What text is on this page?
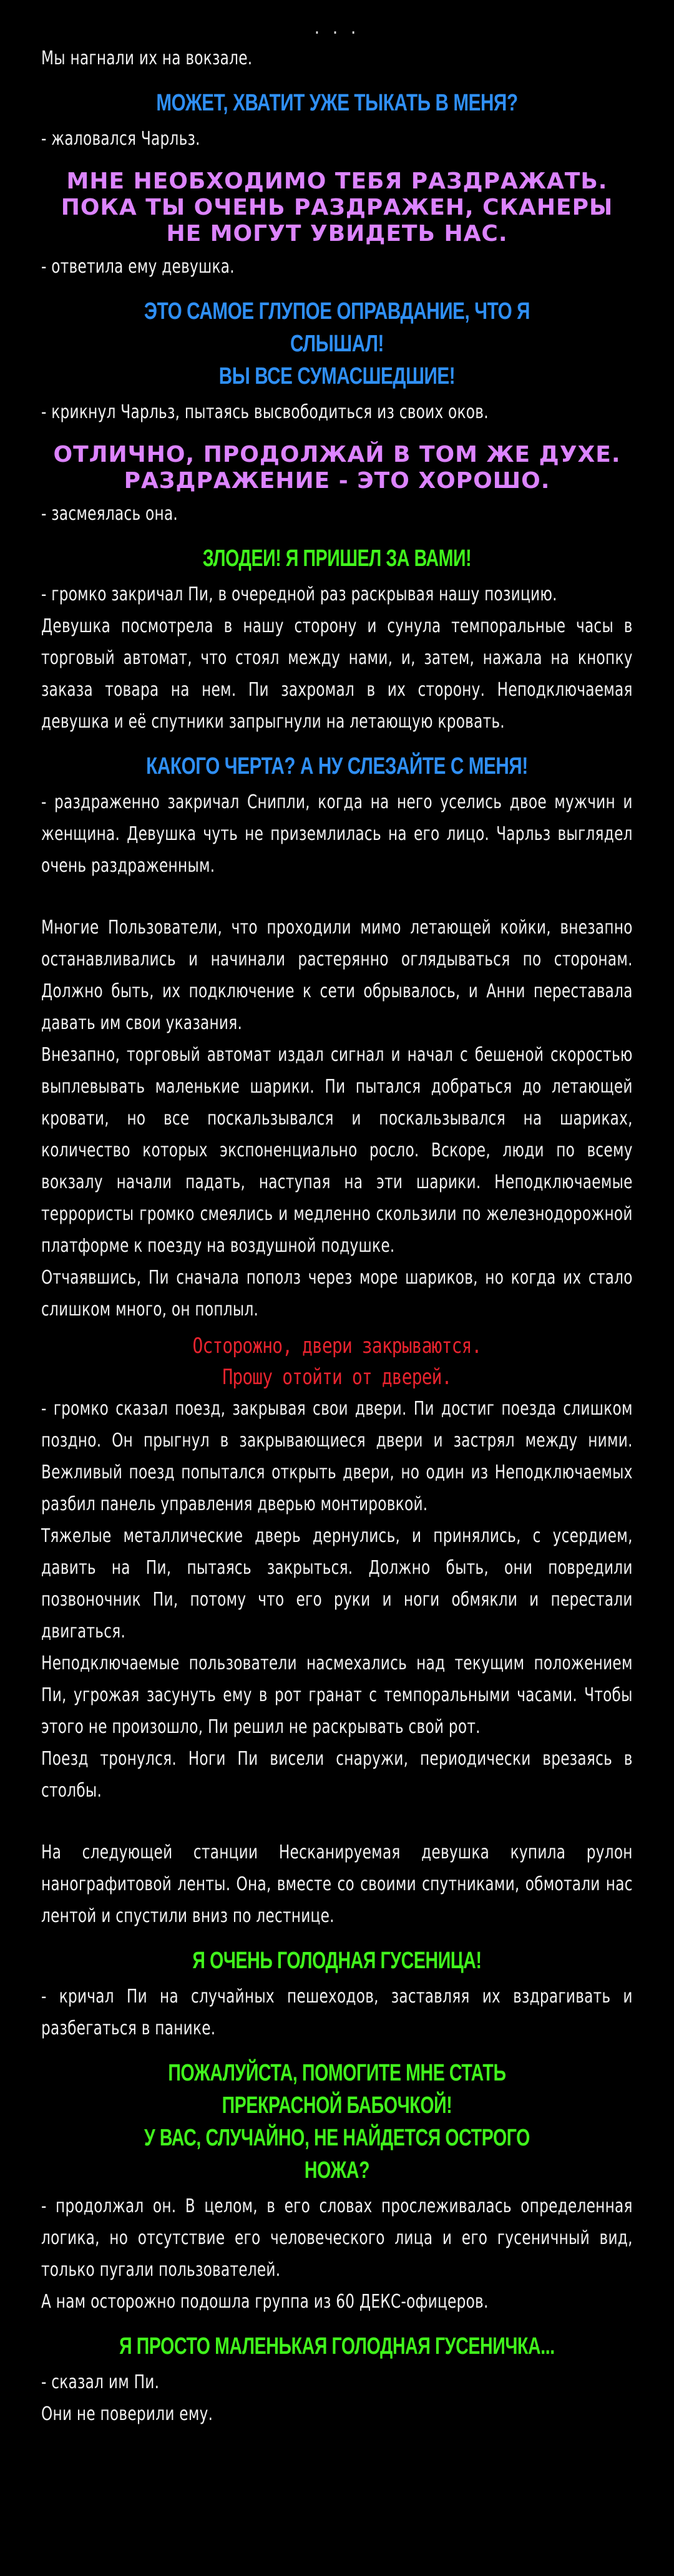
. . .

Мы нагнали их на вокзале.

МОЖЕТ, ХВАТИТ УЖЕ ТЫКАТЬ В МЕНЯ?

- жаловался Чарльз.

МНЕ НЕОБХОДИМО ТЕБЯ РАЗДРАЖАТЬ.
ПОКА ТЫ ОЧЕНЬ РАЗДРАЖЕН, СКАНЕРЫ
НЕ МОГУТ УВИДЕТЬ НАС.

- ответила ему девушка.

ЭТО САМОЕ ГЛУПОЕ ОПРАВДАНИЕ, ЧТО Я СЛЫШАЛ!
ВЫ ВСЕ СУМАСШЕДШИЕ!

- крикнул Чарльз, пытаясь высвободиться из своих оков.

ОТЛИЧНО, ПРОДОЛЖАЙ В ТОМ ЖЕ ДУХЕ.
РАЗДРАЖЕНИЕ - ЭТО ХОРОШО.

- засмеялась она.

ЗЛОДЕИ! Я ПРИШЕЛ ЗА ВАМИ!

- громко закричал Пи, в очередной раз раскрывая нашу позицию.

Девушка посмотрела в нашу сторону и сунула темпоральные часы в торговый автомат, что стоял между нами, и, затем, нажала на кнопку заказа товара на нем. Пи захромал в их сторону. Неподключаемая девушка и её спутники запрыгнули на летающую кровать.

КАКОГО ЧЕРТА? А НУ СЛЕЗАЙТЕ С МЕНЯ!

- раздраженно закричал Снипли, когда на него уселись двое мужчин и женщина. Девушка чуть не приземлилась на его лицо. Чарльз выглядел очень раздраженным.

Многие Пользователи, что проходили мимо летающей койки, внезапно останавливались и начинали растерянно оглядываться по сторонам. Должно быть, их подключение к сети обрывалось, и Анни переставала давать им свои указания.

Внезапно, торговый автомат издал сигнал и начал с бешеной скоростью выплевывать маленькие шарики. Пи пытался добраться до летающей кровати, но все поскальзывался и поскальзывался на шариках, количество которых экспоненциально росло. Вскоре, люди по всему вокзалу начали падать, наступая на эти шарики. Неподключаемые террористы громко смеялись и медленно скользили по железнодорожной платформе к поезду на воздушной подушке.

Отчаявшись, Пи сначала пополз через море шариков, но когда их стало слишком много, он поплыл.

Осторожно, двери закрываются.
Прошу отойти от дверей.

- громко сказал поезд, закрывая свои двери. Пи достиг поезда слишком поздно. Он прыгнул в закрывающиеся двери и застрял между ними. Вежливый поезд попытался открыть двери, но один из Неподключаемых разбил панель управления дверью монтировкой.

Тяжелые металлические дверь дернулись, и принялись, с усердием, давить на Пи, пытаясь закрыться. Должно быть, они повредили позвоночник Пи, потому что его руки и ноги обмякли и перестали двигаться.

Неподключаемые пользователи насмехались над текущим положением Пи, угрожая засунуть ему в рот гранат с темпоральными часами. Чтобы этого не произошло, Пи решил не раскрывать свой рот.

Поезд тронулся. Ноги Пи висели снаружи, периодически врезаясь в столбы.

На следующей станции Несканируемая девушка купила рулон нанографитовой ленты. Она, вместе со своими спутниками, обмотали нас лентой и спустили вниз по лестнице.

Я ОЧЕНЬ ГОЛОДНАЯ ГУСЕНИЦА!

- кричал Пи на случайных пешеходов, заставляя их вздрагивать и разбегаться в панике.

ПОЖАЛУЙСТА, ПОМОГИТЕ МНЕ СТАТЬ ПРЕКРАСНОЙ БАБОЧКОЙ!
У ВАС, СЛУЧАЙНО, НЕ НАЙДЕТСЯ ОСТРОГО НОЖА?

- продолжал он. В целом, в его словах прослеживалась определенная логика, но отсутствие его человеческого лица и его гусеничный вид, только пугали пользователей.

А нам осторожно подошла группа из 60 ДЕКС-офицеров.

Я ПРОСТО МАЛЕНЬКАЯ ГОЛОДНАЯ ГУСЕНИЧКА...

- сказал им Пи.

Они не поверили ему.
